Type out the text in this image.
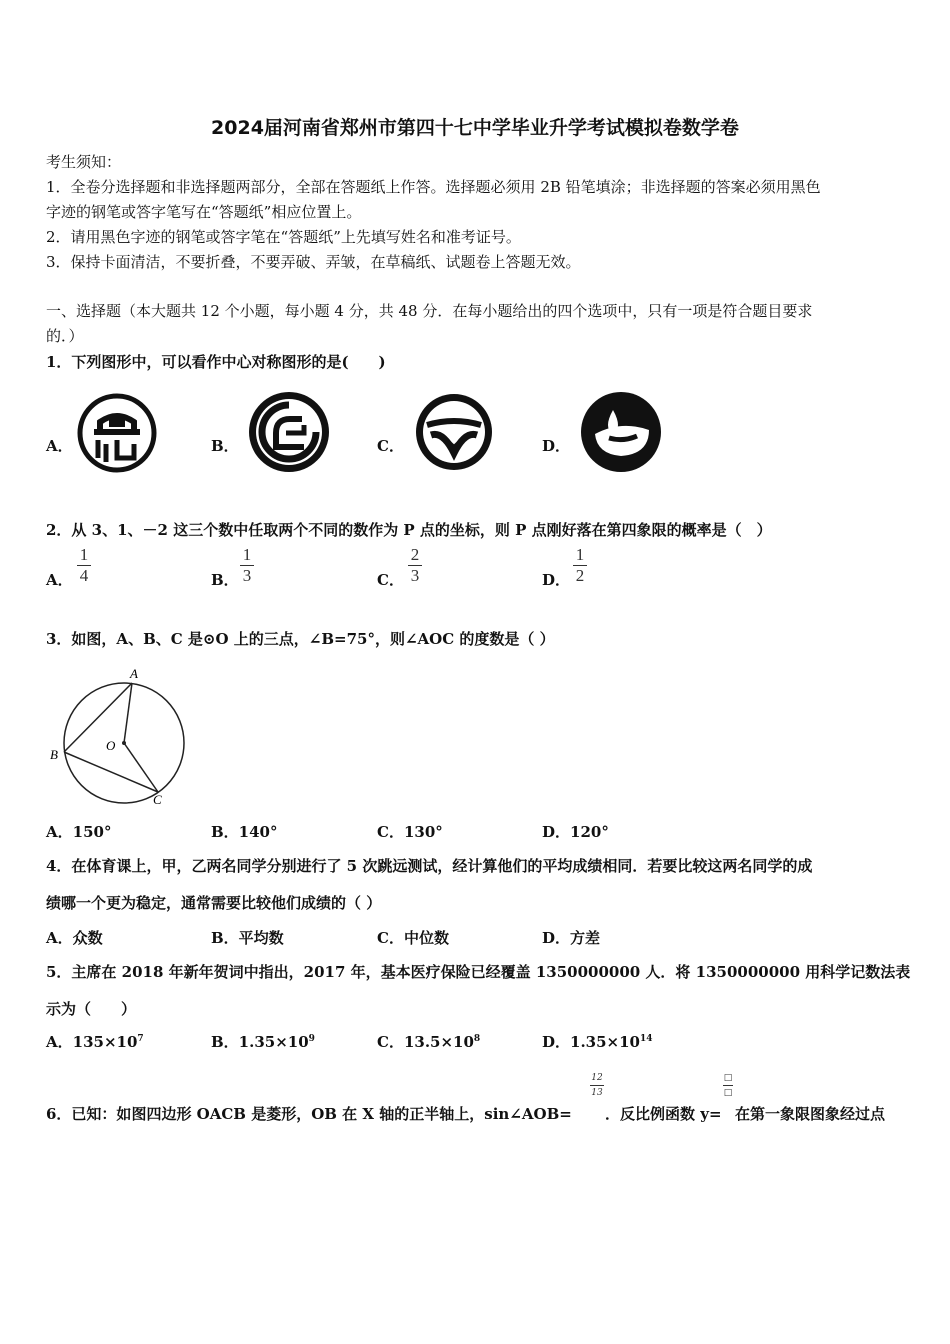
2024届河南省郑州市第四十七中学毕业升学考试模拟卷数学卷
考生须知：
1．全卷分选择题和非选择题两部分，全部在答题纸上作答。选择题必须用 2B 铅笔填涂；非选择题的答案必须用黑色
字迹的钢笔或答字笔写在“答题纸”相应位置上。
2．请用黑色字迹的钢笔或答字笔在“答题纸”上先填写姓名和准考证号。
3．保持卡面清洁，不要折叠，不要弄破、弄皱，在草稿纸、试题卷上答题无效。
一、选择题（本大题共 12 个小题，每小题 4 分，共 48 分．在每小题给出的四个选项中，只有一项是符合题目要求
的．）
1．下列图形中，可以看作中心对称图形的是(　　)
A．	B．	C．	D．
2．从 3、1、－2 这三个数中任取两个不同的数作为 P 点的坐标，则 P 点刚好落在第四象限的概率是（　）
A．
1
4	B．
1
3	C．
2
3	D．
1
2
3．如图，A、B、C 是⊙O 上的三点，∠B=75°，则∠AOC 的度数是（ ）
A
B
C
O
A．150°	B．140°	C．130°	D．120°
4．在体育课上，甲，乙两名同学分别进行了 5 次跳远测试，经计算他们的平均成绩相同．若要比较这两名同学的成
绩哪一个更为稳定，通常需要比较他们成绩的（ ）
A．众数	B．平均数	C．中位数	D．方差
5．主席在 2018 年新年贺词中指出，2017 年，基本医疗保险已经覆盖 1350000000 人．将 1350000000 用科学记数法表
示为（　　）
A．$135\times 10^7$	B．$1.35\times 10^9$	C．$13.5\times 10^8$	D．$1.35\times 10^{14}$
6．已知：如图四边形 OACB 是菱形，OB 在 X 轴的正半轴上，sin∠AOB=
12
13
．反比例函数 y=
□
□
在第一象限图象经过点
